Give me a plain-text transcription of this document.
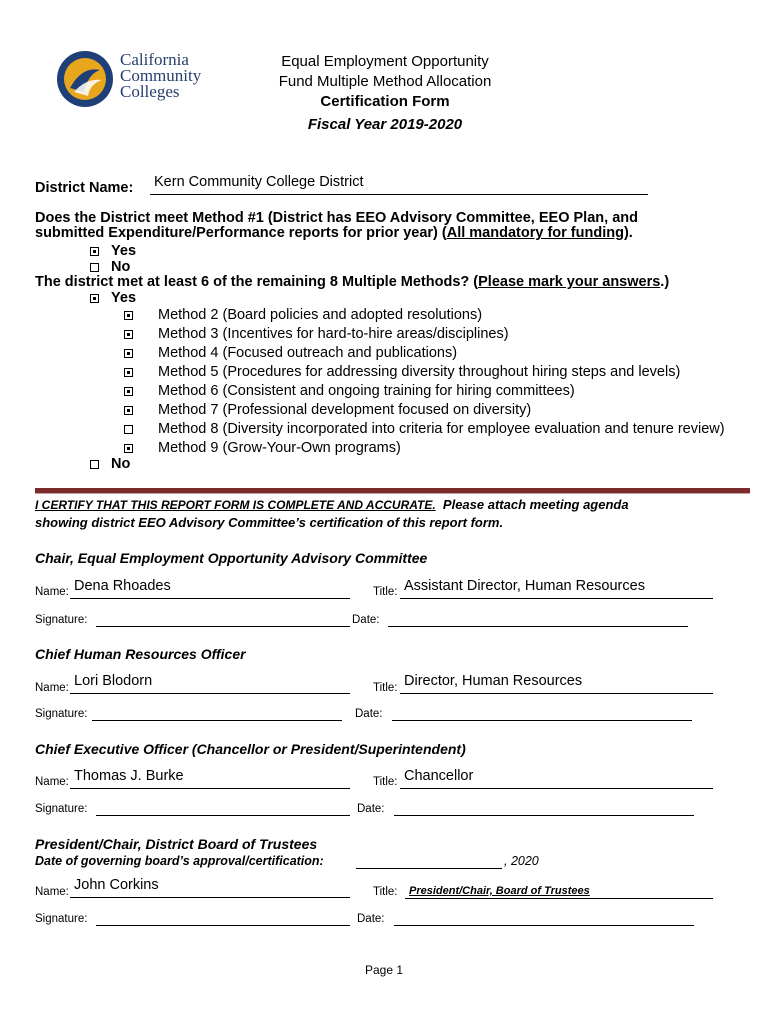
California
Community
Colleges
Equal Employment Opportunity
Fund Multiple Method Allocation
Certification Form
Fiscal Year 2019-2020
District Name: Kern Community College District
Does the District meet Method #1 (District has EEO Advisory Committee, EEO Plan, and
submitted Expenditure/Performance reports for prior year) (All mandatory for funding).
Yes
No
The district met at least 6 of the remaining 8 Multiple Methods? (Please mark your answers.)
Yes
Method 2 (Board policies and adopted resolutions)
Method 3 (Incentives for hard-to-hire areas/disciplines)
Method 4 (Focused outreach and publications)
Method 5 (Procedures for addressing diversity throughout hiring steps and levels)
Method 6 (Consistent and ongoing training for hiring committees)
Method 7 (Professional development focused on diversity)
Method 8 (Diversity incorporated into criteria for employee evaluation and tenure review)
Method 9 (Grow-Your-Own programs)
No
I CERTIFY THAT THIS REPORT FORM IS COMPLETE AND ACCURATE.  Please attach meeting agenda
showing district EEO Advisory Committee’s certification of this report form.
Chair, Equal Employment Opportunity Advisory Committee
Name: Dena Rhoades	Title: Assistant Director, Human Resources
Signature:	Date:
Chief Human Resources Officer
Name: Lori Blodorn	Title: Director, Human Resources
Signature:	Date:
Chief Executive Officer (Chancellor or President/Superintendent)
Name: Thomas J. Burke	Title: Chancellor
Signature:	Date:
President/Chair, District Board of Trustees
Date of governing board’s approval/certification:	, 2020
Name: John Corkins	Title: President/Chair, Board of Trustees
Signature:	Date:
Page 1
